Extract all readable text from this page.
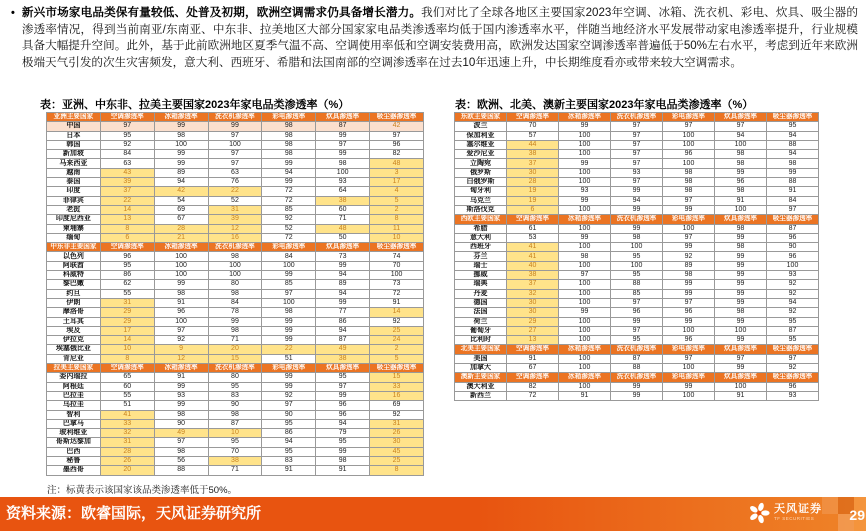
• 新兴市场家电品类保有量较低、处普及初期，欧洲空调需求仍具备增长潜力。我们对比了全球各地区主要国家2023年空调、冰箱、洗衣机、彩电、炊具、吸尘器的渗透率情况，得到当前南亚/东南亚、中东非、拉美地区大部分国家家电品类渗透率均低于国内渗透率水平，伴随当地经济水平发展带动家电渗透率提升，行业规模具备大幅提升空间。此外，基于此前欧洲地区夏季气温不高、空调使用率低和空调安装费用高，欧洲发达国家空调渗透率普遍低于50%左右水平，考虑到近年来欧洲极端天气引发的次生灾害频发，意大利、西班牙、希腊和法国南部的空调渗透率在过去10年迅速上升，中长期维度看亦或带来较大空调需求。
表：亚洲、中东非、拉美主要国家2023年家电品类渗透率（%）	表：欧洲、北美、澳新主要国家2023年家电品类渗透率（%）
亚洲主要国家	空调渗透率	冰箱渗透率	洗衣机渗透率	彩电渗透率	炊具渗透率	吸尘器渗透率
中国	97	99	99	98	87	42
日本	95	98	97	98	99	97
韩国	92	100	100	98	97	96
新加坡	84	99	97	98	99	82
马来西亚	63	99	97	99	98	48
越南	43	89	63	94	100	3
泰国	39	94	76	99	93	17
印度	37	42	22	72	64	4
菲律宾	22	54	52	72	38	5
老挝	14	69	31	85	60	2
印度尼西亚	13	67	39	92	71	8
柬埔寨	8	28	12	52	48	11
缅甸	6	21	16	72	50	10
中东非主要国家	空调渗透率	冰箱渗透率	洗衣机渗透率	彩电渗透率	炊具渗透率	吸尘器渗透率
以色列	96	100	98	84	73	74
阿联酋	95	100	100	100	99	70
科威特	86	100	100	99	94	100
黎巴嫩	62	99	80	85	89	73
约旦	55	98	98	97	94	72
伊朗	31	91	84	100	99	91
摩洛哥	29	96	78	98	77	14
土耳其	29	100	99	99	86	92
埃及	17	97	98	99	94	25
伊拉克	14	92	71	99	87	24
埃塞俄比亚	10	9	20	22	49	2
肯尼亚	8	12	15	51	38	5
拉美主要国家	空调渗透率	冰箱渗透率	洗衣机渗透率	彩电渗透率	炊具渗透率	吸尘器渗透率
委内瑞拉	65	91	80	99	95	15
阿根廷	60	99	95	99	97	33
巴拉圭	55	93	83	92	99	16
乌拉圭	51	99	90	97	96	69
智利	41	98	98	90	96	92
巴拿马	33	90	87	95	94	31
玻利维亚	32	49	10	86	79	26
哥斯达黎加	31	97	95	94	95	30
巴西	28	98	70	95	99	45
秘鲁	26	56	38	83	98	25
墨西哥	20	88	71	91	91	8
东欧主要国家	空调渗透率	冰箱渗透率	洗衣机渗透率	彩电渗透率	炊具渗透率	吸尘器渗透率
波兰	70	99	97	97	97	95
保加利亚	57	100	97	100	94	94
塞尔维亚	44	100	97	100	100	88
爱沙尼亚	38	100	97	96	98	94
立陶宛	37	99	97	100	98	98
俄罗斯	30	100	93	98	99	99
白俄罗斯	28	100	97	98	96	88
匈牙利	19	93	99	98	98	91
乌克兰	19	99	94	97	91	84
斯洛伐克	6	100	99	99	100	97
西欧主要国家	空调渗透率	冰箱渗透率	洗衣机渗透率	彩电渗透率	炊具渗透率	吸尘器渗透率
希腊	61	100	99	100	98	87
意大利	53	99	98	97	99	96
西班牙	41	100	100	99	98	90
芬兰	41	98	95	92	99	96
瑞士	40	100	100	89	99	100
挪威	38	97	95	98	99	93
瑞典	37	100	88	99	99	92
丹麦	32	100	85	99	99	92
德国	30	100	97	97	99	94
法国	30	99	96	96	98	92
荷兰	29	100	99	99	99	95
葡萄牙	27	100	97	100	100	87
比利时	13	100	95	96	99	95
北美主要国家	空调渗透率	冰箱渗透率	洗衣机渗透率	彩电渗透率	炊具渗透率	吸尘器渗透率
美国	91	100	87	97	97	97
加拿大	67	100	88	100	99	92
澳新主要国家	空调渗透率	冰箱渗透率	洗衣机渗透率	彩电渗透率	炊具渗透率	吸尘器渗透率
澳大利亚	82	100	99	99	100	96
新西兰	72	91	99	100	91	93
注：标黄表示该国家该品类渗透率低于50%。
资料来源：欧睿国际，天风证券研究所	天风证券
TF SECURITIES	29
